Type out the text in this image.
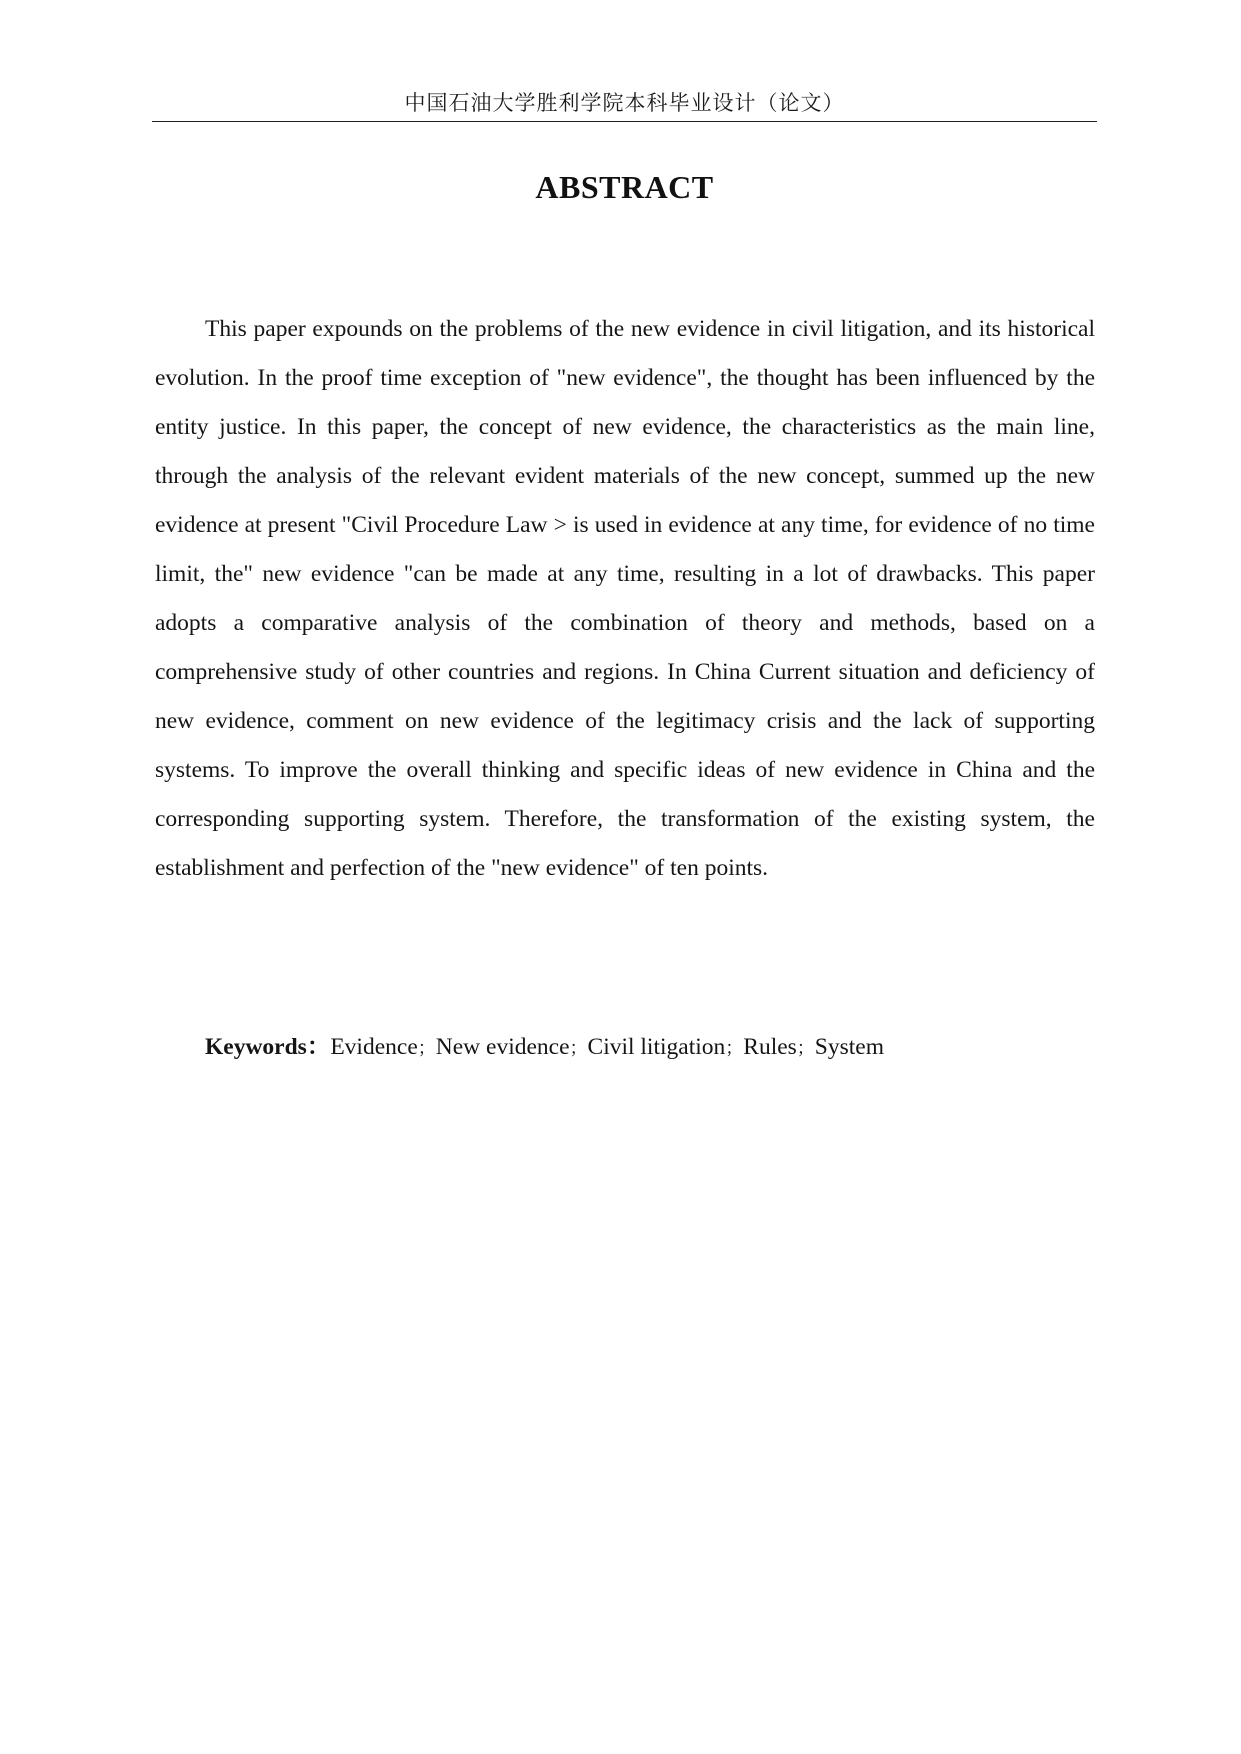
中国石油大学胜利学院本科毕业设计（论文）
ABSTRACT

This paper expounds on the problems of the new evidence in civil litigation, and its historical evolution. In the proof time exception of "new evidence", the thought has been influenced by the entity justice. In this paper, the concept of new evidence, the characteristics as the main line, through the analysis of the relevant evident materials of the new concept, summed up the new evidence at present "Civil Procedure Law > is used in evidence at any time, for evidence of no time limit, the" new evidence "can be made at any time, resulting in a lot of drawbacks. This paper adopts a comparative analysis of the combination of theory and methods, based on a comprehensive study of other countries and regions. In China Current situation and deficiency of new evidence, comment on new evidence of the legitimacy crisis and the lack of supporting systems. To improve the overall thinking and specific ideas of new evidence in China and the corresponding supporting system. Therefore, the transformation of the existing system, the establishment and perfection of the "new evidence" of ten points.

Keywords：Evidence；New evidence；Civil litigation；Rules；System
